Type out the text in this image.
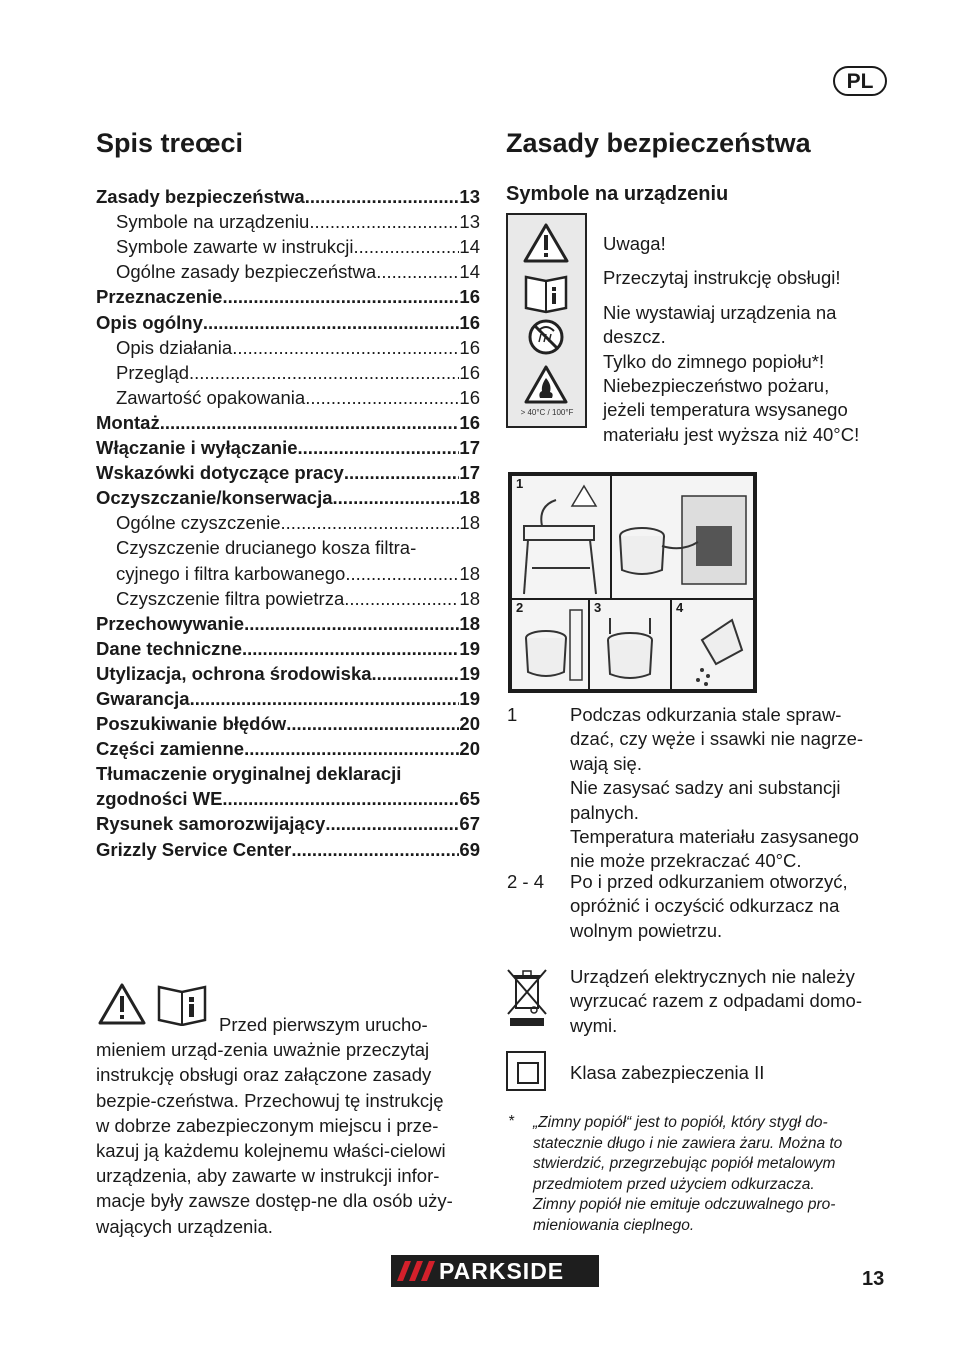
PL
Spis treœci
Zasady bezpieczeństwa .....	13
Symbole na urządzeniu .....	13
Symbole zawarte w instrukcji .....	14
Ogólne zasady bezpieczeństwa .....	14
Przeznaczenie .....	16
Opis ogólny .....	16
Opis działania .....	16
Przegląd .....	16
Zawartość opakowania .....	16
Montaż .....	16
Włączanie i wyłączanie .....	17
Wskazówki dotyczące pracy .....	17
Oczyszczanie/konserwacja .....	18
Ogólne czyszczenie .....	18
Czyszczenie drucianego kosza filtra-
cyjnego i filtra karbowanego .....	18
Czyszczenie filtra powietrza .....	18
Przechowywanie .....	18
Dane techniczne .....	19
Utylizacja, ochrona środowiska .....	19
Gwarancja .....	19
Poszukiwanie błędów .....	20
Części zamienne .....	20
Tłumaczenie oryginalnej deklaracji
zgodności WE .....	65
Rysunek samorozwijający .....	67
Grizzly Service Center .....	69
Zasady bezpieczeństwa
Symbole na urządzeniu
> 40°C / 100°F
Uwaga!
Przeczytaj instrukcję obsługi!
Nie wystawiaj urządzenia na
deszcz.
Tylko do zimnego popiołu*!
Niebezpieczeństwo pożaru,
jeżeli temperatura wsysanego
materiału jest wyższa niż 40°C!
1
2	3	4
1	Podczas odkurzania stale spraw-
dzać, czy węże i ssawki nie nagrze-
wają się.
Nie zasysać sadzy ani substancji
palnych.
Temperatura materiału zasysanego
nie może przekraczać 40°C.
2 - 4 Po i przed odkurzaniem otworzyć,
opróżnić i oczyścić odkurzacz na
wolnym powietrzu.
Urządzeń elektrycznych nie należy
wyrzucać razem z odpadami domo-
wymi.
Klasa zabezpieczenia II
* „Zimny popiół“ jest to popiół, który stygł do-
statecznie długo i nie zawiera żaru. Można to
stwierdzić, przegrzebując popiół metalowym
przedmiotem przed użyciem odkurzacza.
Zimny popiół nie emituje odczuwalnego pro-
mieniowania cieplnego.
Przed pierwszym urucho-
mieniem urząd-zenia uważnie przeczytaj
instrukcję obsługi oraz załączone zasady
bezpie-czeństwa. Przechowuj tę instrukcję
w dobrze zabezpieczonym miejscu i prze-
kazuj ją każdemu kolejnemu właści-cielowi
urządzenia, aby zawarte w instrukcji infor-
macje były zawsze dostęp-ne dla osób uży-
wających urządzenia.
PARKSIDE	13
